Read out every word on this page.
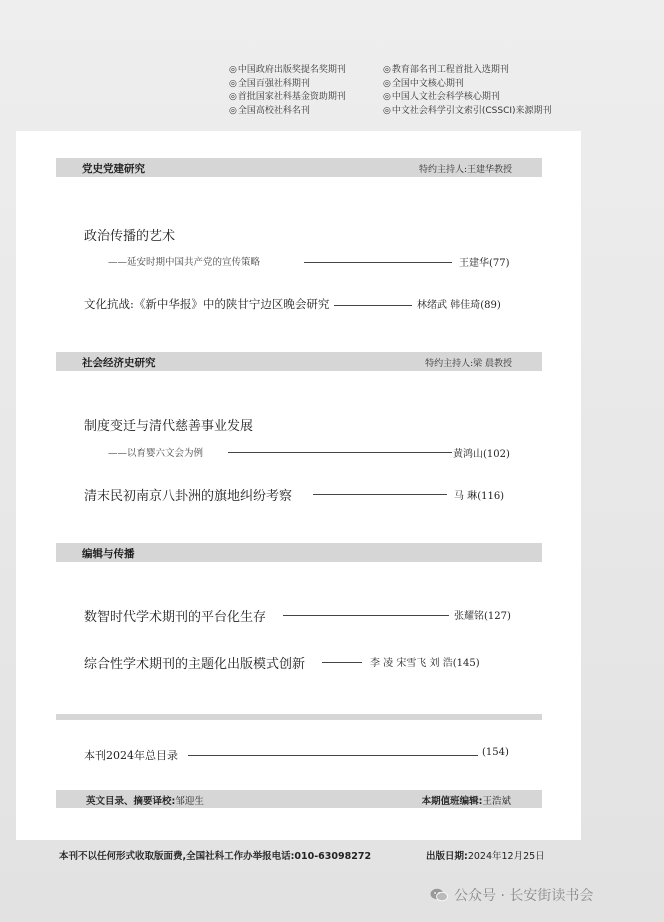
◎ 中国政府出版奖提名奖期刊
◎ 全国百强社科期刊
◎ 首批国家社科基金资助期刊
◎ 全国高校社科名刊
◎ 教育部名刊工程首批入选期刊
◎ 全国中文核心期刊
◎ 中国人文社会科学核心期刊
◎ 中文社会科学引文索引(CSSCI)来源期刊
党史党建研究	特约主持人:王建华教授
政治传播的艺术
——延安时期中国共产党的宣传策略	王建华(77)
文化抗战:《新中华报》中的陕甘宁边区晚会研究	林绪武 韩佳琦(89)
社会经济史研究	特约主持人:梁 晨教授
制度变迁与清代慈善事业发展
——以育婴六文会为例	黄鸿山(102)
清末民初南京八卦洲的旗地纠纷考察	马 琳(116)
编辑与传播
数智时代学术期刊的平台化生存	张耀铭(127)
综合性学术期刊的主题化出版模式创新	李 凌 宋雪飞 刘 浩(145)
本刊2024年总目录	(154)
英文目录、摘要译校:邹迎生	本期值班编辑:王浩斌
本刊不以任何形式收取版面费,全国社科工作办举报电话:010-63098272	出版日期:2024年12月25日
公众号 · 长安街读书会
